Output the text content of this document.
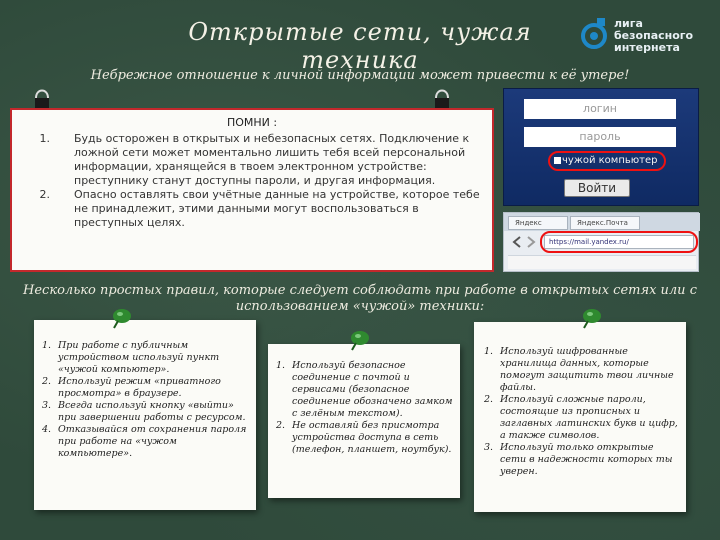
Открытые сети, чужая техника
лига
безопасного
интернета
Небрежное отношение к личной информации может привести к её утере!
ПОМНИ :
1. Будь осторожен в открытых и небезопасных сетях. Подключение к ложной сети может моментально лишить тебя всей персональной информации, хранящейся в твоем электронном устройстве: преступнику станут доступны пароли, и другая информация.
2. Опасно оставлять свои учётные данные на устройстве, которое тебе не принадлежит, этими данными могут воспользоваться в преступных целях.
логин
пароль
чужой компьютер
Войти
Яндекс	Яндекс.Почта
https://mail.yandex.ru/
Несколько простых правил, которые следует соблюдать при работе в открытых сетях или с использованием «чужой» техники:
1. При работе с публичным устройством используй пункт «чужой компьютер».
2. Используй режим «приватного просмотра» в браузере.
3. Всегда используй кнопку «выйти» при завершении работы с ресурсом.
4. Отказывайся от сохранения пароля при работе на «чужом компьютере».
1. Используй безопасное соединение с почтой и сервисами (безопасное соединение обозначено замком с зелёным текстом).
2. Не оставляй без присмотра устройства доступа в сеть (телефон, планшет, ноутбук).
1. Используй шифрованные хранилища данных, которые помогут защитить твои личные файлы.
2. Используй сложные пароли, состоящие из прописных и заглавных латинских букв и цифр, а также символов.
3. Используй только открытые сети в надежности которых ты уверен.
